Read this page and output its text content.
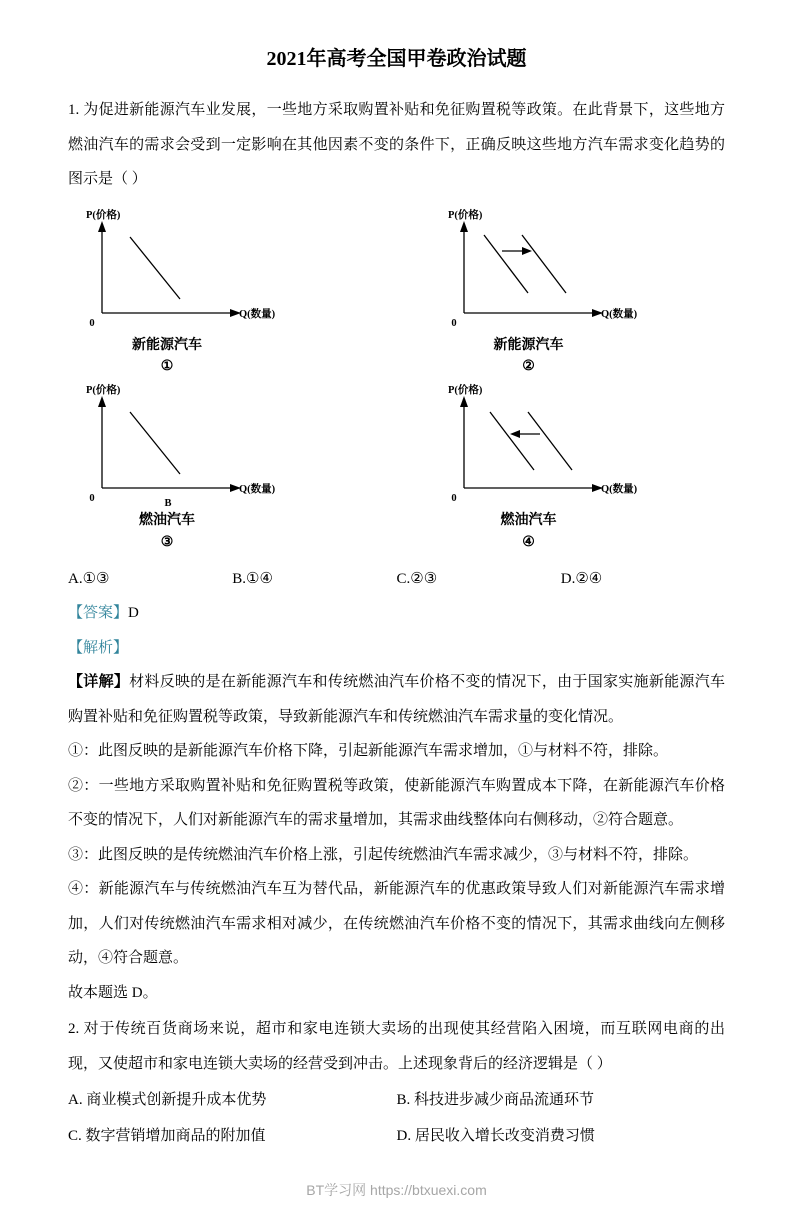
2021年高考全国甲卷政治试题

1. 为促进新能源汽车业发展，一些地方采取购置补贴和免征购置税等政策。在此背景下，这些地方燃油汽车的需求会受到一定影响在其他因素不变的条件下，正确反映这些地方汽车需求变化趋势的图示是（ ）

P(价格)
Q(数量)
0
新能源汽车
①
P(价格)
Q(数量)
0
新能源汽车
②
P(价格)
Q(数量)
0	B
燃油汽车
③
P(价格)
Q(数量)
0
燃油汽车
④
A.①③	B.①④	C.②③	D.②④

【答案】D

【解析】

【详解】材料反映的是在新能源汽车和传统燃油汽车价格不变的情况下，由于国家实施新能源汽车购置补贴和免征购置税等政策，导致新能源汽车和传统燃油汽车需求量的变化情况。

①：此图反映的是新能源汽车价格下降，引起新能源汽车需求增加，①与材料不符，排除。

②：一些地方采取购置补贴和免征购置税等政策，使新能源汽车购置成本下降，在新能源汽车价格不变的情况下，人们对新能源汽车的需求量增加，其需求曲线整体向右侧移动，②符合题意。

③：此图反映的是传统燃油汽车价格上涨，引起传统燃油汽车需求减少，③与材料不符，排除。

④：新能源汽车与传统燃油汽车互为替代品，新能源汽车的优惠政策导致人们对新能源汽车需求增加，人们对传统燃油汽车需求相对减少，在传统燃油汽车价格不变的情况下，其需求曲线向左侧移动，④符合题意。

故本题选 D。

2. 对于传统百货商场来说，超市和家电连锁大卖场的出现使其经营陷入困境，而互联网电商的出现，又使超市和家电连锁大卖场的经营受到冲击。上述现象背后的经济逻辑是（ ）

A. 商业模式创新提升成本优势	B. 科技进步减少商品流通环节
C. 数字营销增加商品的附加值	D. 居民收入增长改变消费习惯
BT学习网 https://btxuexi.com
